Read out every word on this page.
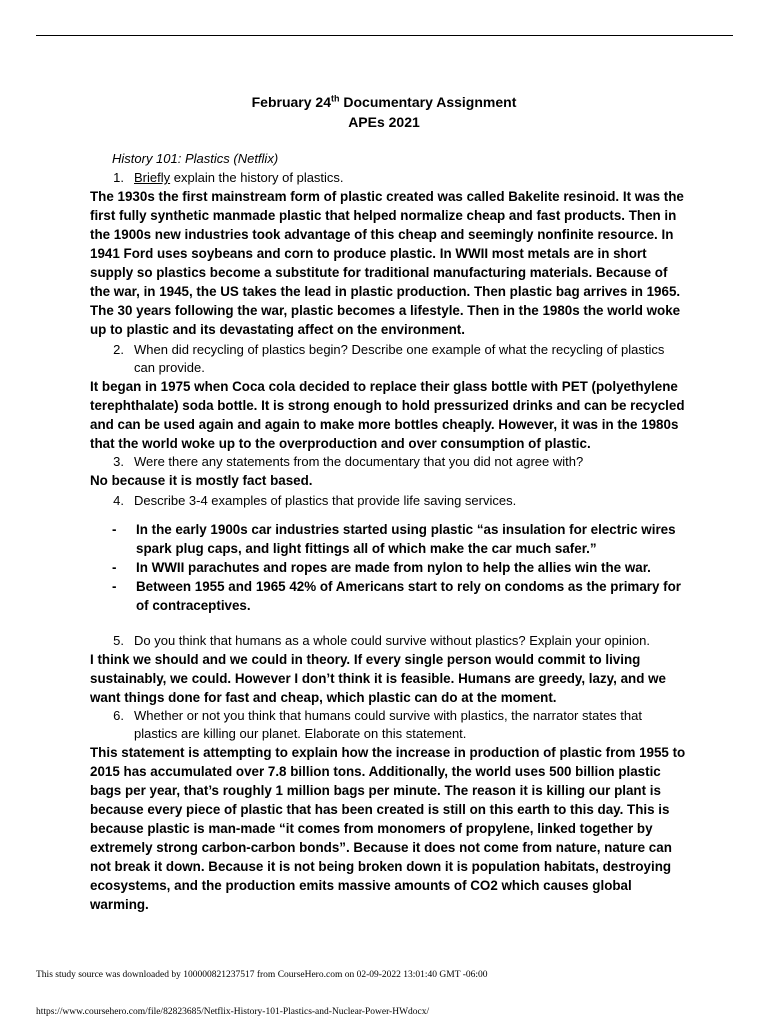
February 24th Documentary Assignment
APEs 2021

History 101: Plastics (Netflix)

1. Briefly explain the history of plastics.

The 1930s the first mainstream form of plastic created was called Bakelite resinoid. It was the first fully synthetic manmade plastic that helped normalize cheap and fast products. Then in the 1900s new industries took advantage of this cheap and seemingly nonfinite resource. In 1941 Ford uses soybeans and corn to produce plastic. In WWII most metals are in short supply so plastics become a substitute for traditional manufacturing materials. Because of the war, in 1945, the US takes the lead in plastic production. Then plastic bag arrives in 1965. The 30 years following the war, plastic becomes a lifestyle. Then in the 1980s the world woke up to plastic and its devastating affect on the environment.

2. When did recycling of plastics begin? Describe one example of what the recycling of plastics can provide.

It began in 1975 when Coca cola decided to replace their glass bottle with PET (polyethylene terephthalate) soda bottle. It is strong enough to hold pressurized drinks and can be recycled and can be used again and again to make more bottles cheaply. However, it was in the 1980s that the world woke up to the overproduction and over consumption of plastic.

3. Were there any statements from the documentary that you did not agree with?

No because it is mostly fact based.

4. Describe 3-4 examples of plastics that provide life saving services.
-	In the early 1900s car industries started using plastic “as insulation for electric wires spark plug caps, and light fittings all of which make the car much safer.”
-	In WWII parachutes and ropes are made from nylon to help the allies win the war.
-	Between 1955 and 1965 42% of Americans start to rely on condoms as the primary for of contraceptives.
5. Do you think that humans as a whole could survive without plastics? Explain your opinion.

I think we should and we could in theory. If every single person would commit to living sustainably, we could. However I don’t think it is feasible. Humans are greedy, lazy, and we want things done for fast and cheap, which plastic can do at the moment.

6. Whether or not you think that humans could survive with plastics, the narrator states that plastics are killing our planet. Elaborate on this statement.

This statement is attempting to explain how the increase in production of plastic from 1955 to 2015 has accumulated over 7.8 billion tons. Additionally, the world uses 500 billion plastic bags per year, that’s roughly 1 million bags per minute. The reason it is killing our plant is because every piece of plastic that has been created is still on this earth to this day. This is because plastic is man-made “it comes from monomers of propylene, linked together by extremely strong carbon-carbon bonds”. Because it does not come from nature, nature can not break it down. Because it is not being broken down it is population habitats, destroying ecosystems, and the production emits massive amounts of CO2 which causes global warming.

This study source was downloaded by 100000821237517 from CourseHero.com on 02-09-2022 13:01:40 GMT -06:00
https://www.coursehero.com/file/82823685/Netflix-History-101-Plastics-and-Nuclear-Power-HWdocx/
